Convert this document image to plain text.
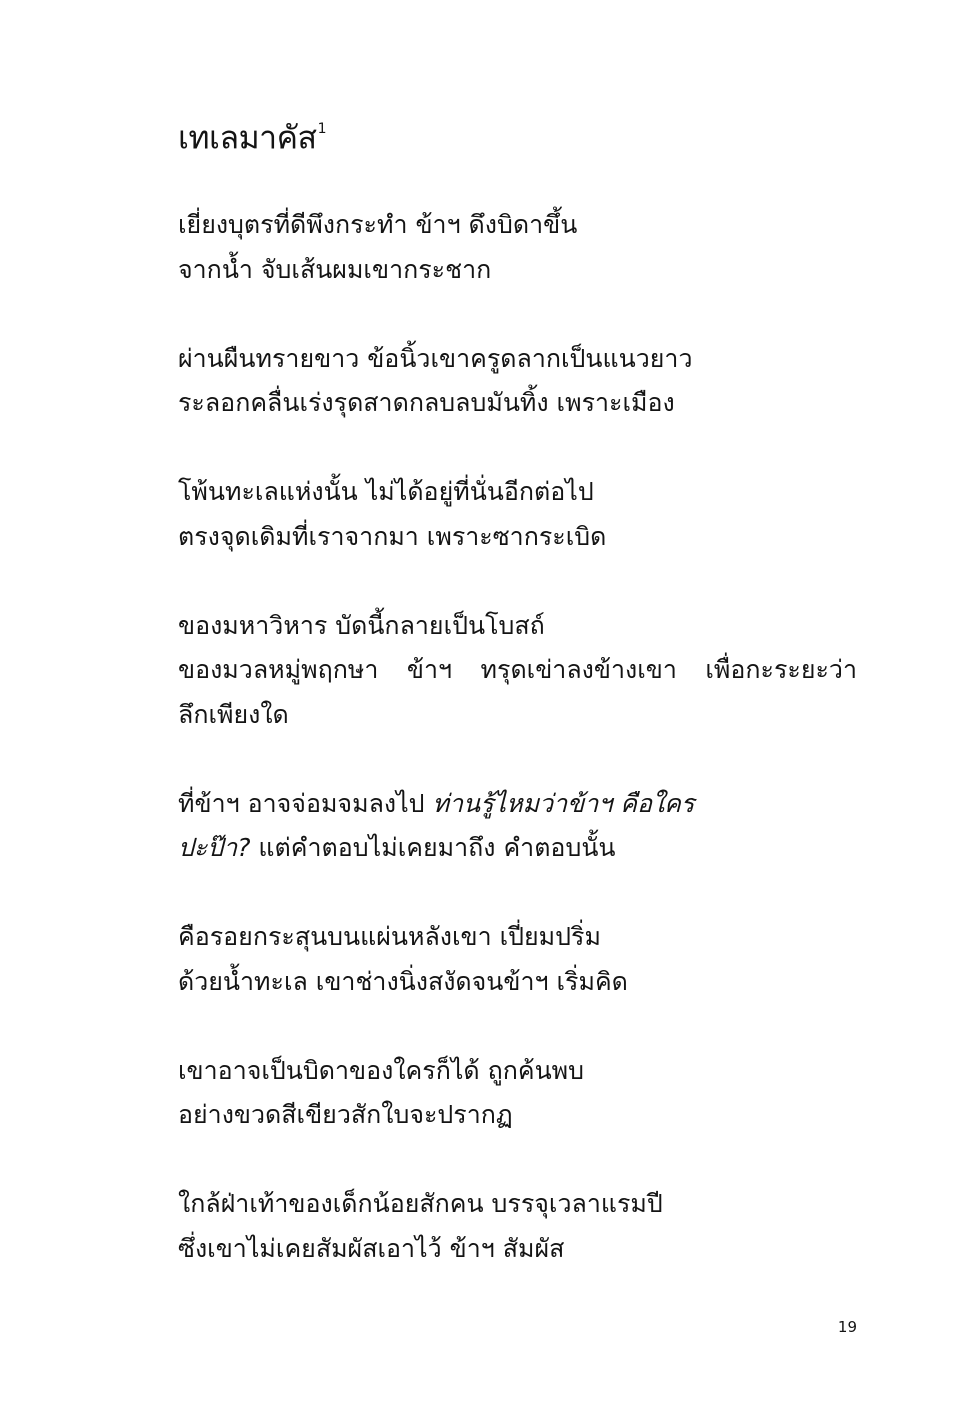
เทเลมาคัส$^1$
เยี่ยงบุตรที่ดีพึงกระทำ ข้าฯ ดึงบิดาขึ้น
จากน้ำ จับเส้นผมเขากระชาก
ผ่านผืนทรายขาว ข้อนิ้วเขาครูดลากเป็นแนวยาว
ระลอกคลื่นเร่งรุดสาดกลบลบมันทิ้ง เพราะเมือง
โพ้นทะเลแห่งนั้น ไม่ได้อยู่ที่นั่นอีกต่อไป
ตรงจุดเดิมที่เราจากมา เพราะซากระเบิด
ของมหาวิหาร บัดนี้กลายเป็นโบสถ์
ของมวลหมู่พฤกษา ข้าฯ ทรุดเข่าลงข้างเขา เพื่อกะระยะว่า
ลึกเพียงใด
ที่ข้าฯ อาจจ่อมจมลงไป ท่านรู้ไหมว่าข้าฯ คือใคร
ปะป๊า? แต่คำตอบไม่เคยมาถึง คำตอบนั้น
คือรอยกระสุนบนแผ่นหลังเขา เปี่ยมปริ่ม
ด้วยน้ำทะเล เขาช่างนิ่งสงัดจนข้าฯ เริ่มคิด
เขาอาจเป็นบิดาของใครก็ได้ ถูกค้นพบ
อย่างขวดสีเขียวสักใบจะปรากฏ
ใกล้ฝ่าเท้าของเด็กน้อยสักคน บรรจุเวลาแรมปี
ซึ่งเขาไม่เคยสัมผัสเอาไว้ ข้าฯ สัมผัส
19
